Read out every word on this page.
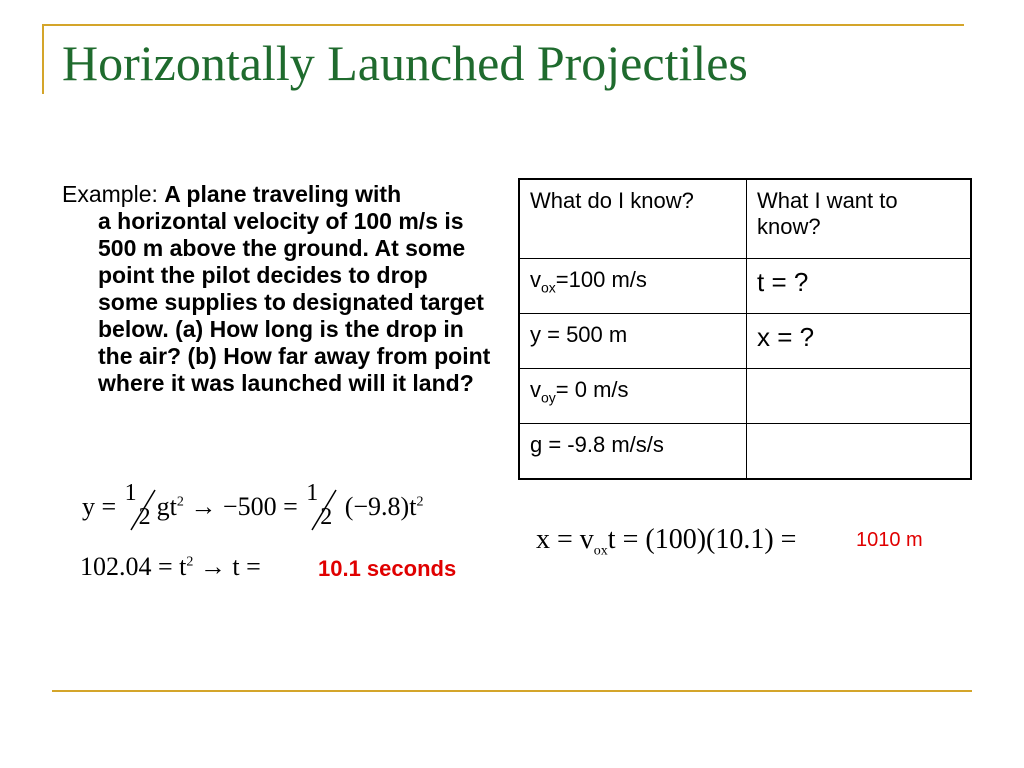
Horizontally Launched Projectiles
Example: A plane traveling with
a horizontal velocity of 100 m/s is 500 m above the ground. At some point the pilot decides to drop some supplies to designated target below. (a) How long is the drop in the air? (b) How far away from point where it was launched will it land?
What do I know?	What I want to know?
$v_{ox}=100$ m/s	t = ?
y = 500 m	x = ?
$v_{oy}= 0$ m/s	
g = -9.8 m/s/s	
y = 1
2 $gt^2 \to -500 = 1$
2 $(-9.8)t^2$
$102.04 = t^2 \to t$ =	10.1 seconds
$x = v_{ox}t = (100)(10.1)$ =	1010 m
